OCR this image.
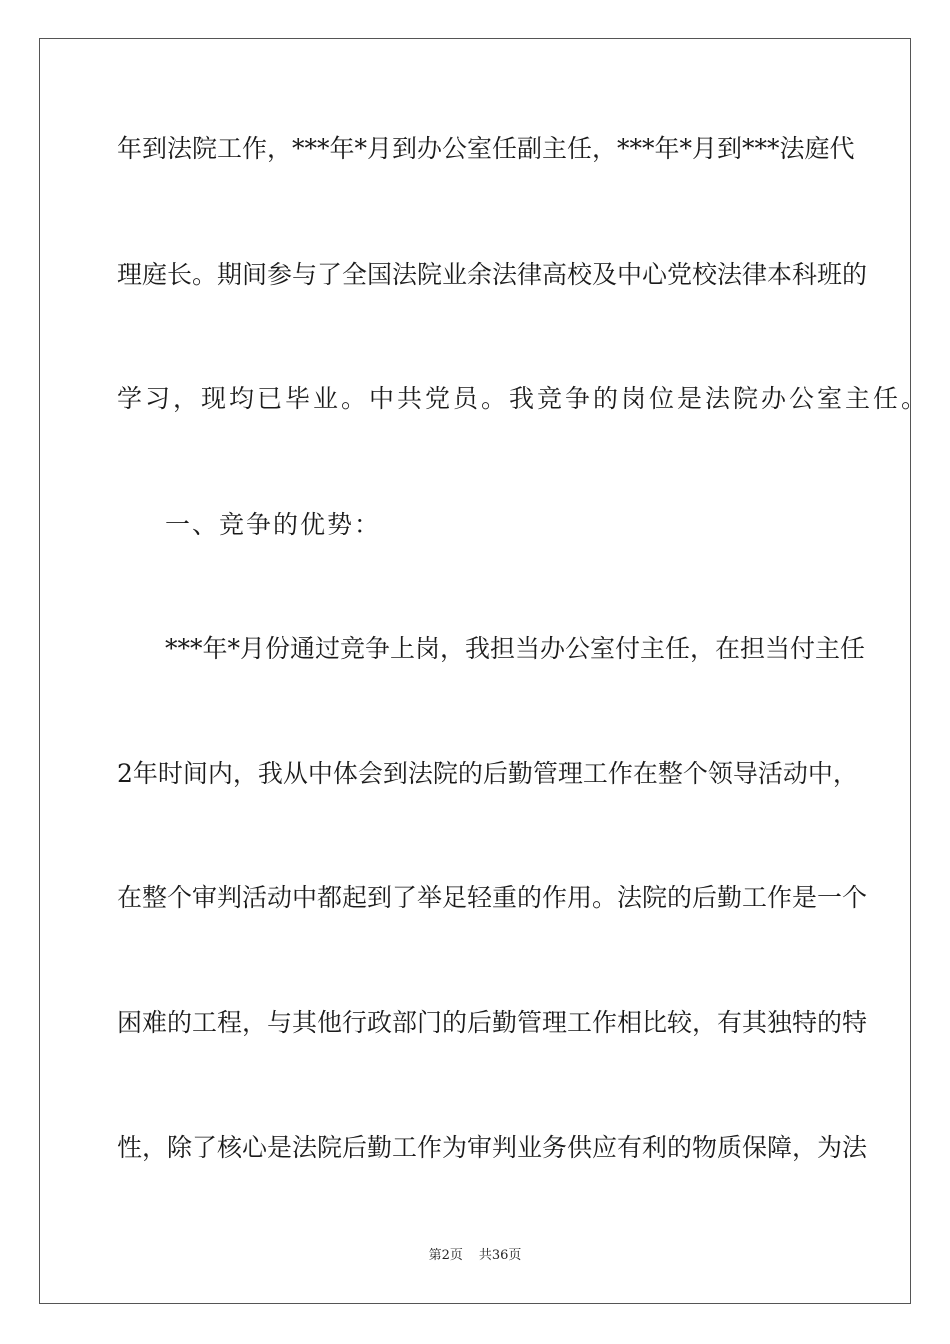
年到法院工作，***年*月到办公室任副主任，***年*月到***法庭代
理庭长。期间参与了全国法院业余法律高校及中心党校法律本科班的
学习，现均已毕业。中共党员。我竞争的岗位是法院办公室主任。
一、竞争的优势：
***年*月份通过竞争上岗，我担当办公室付主任，在担当付主任
2年时间内，我从中体会到法院的后勤管理工作在整个领导活动中，
在整个审判活动中都起到了举足轻重的作用。法院的后勤工作是一个
困难的工程，与其他行政部门的后勤管理工作相比较，有其独特的特
性，除了核心是法院后勤工作为审判业务供应有利的物质保障，为法
第2页 共36页
